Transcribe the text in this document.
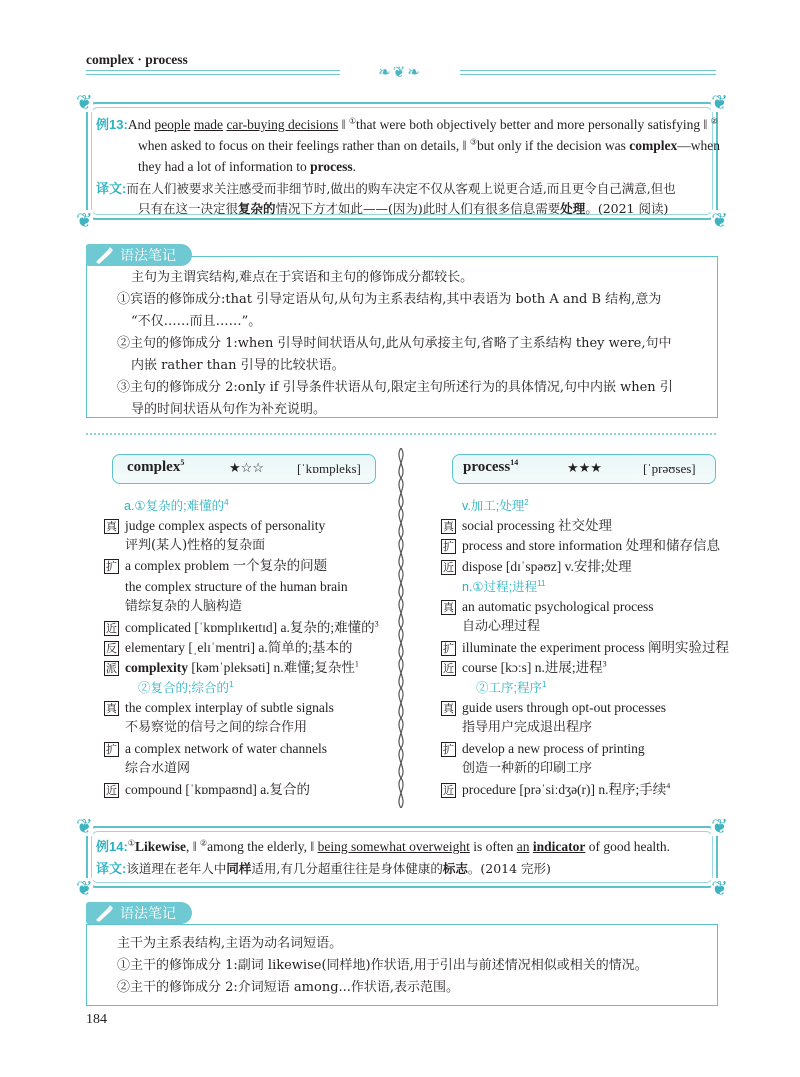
complex · process
❧❦❧
❦	❦
❦	❦
例13:And people made car-buying decisions ‖ ①that were both objectively better and more personally satisfying ‖ ②
when asked to focus on their feelings rather than on details, ‖ ③but only if the decision was complex—when
they had a lot of information to process.
译文:而在人们被要求关注感受而非细节时,做出的购车决定不仅从客观上说更合适,而且更令自己满意,但也
只有在这一决定很复杂的情况下方才如此——(因为)此时人们有很多信息需要处理。(2021 阅读)
主句为主谓宾结构,难点在于宾语和主句的修饰成分都较长。
①宾语的修饰成分:that 引导定语从句,从句为主系表结构,其中表语为 both A and B 结构,意为
“不仅……而且……”。
②主句的修饰成分 1:when 引导时间状语从句,此从句承接主句,省略了主系结构 they were,句中
内嵌 rather than 引导的比较状语。
③主句的修饰成分 2:only if 引导条件状语从句,限定主句所述行为的具体情况,句中内嵌 when 引
导的时间状语从句作为补充说明。
语法笔记
complex$^5$	★☆☆	[ˈkɒmpleks]
a.①复杂的;难懂的$^4$
真 judge complex aspects of personality
评判(某人)性格的复杂面
扩 a complex problem 一个复杂的问题
the complex structure of the human brain
错综复杂的人脑构造
近 complicated [ˈkɒmplɪkeɪtɪd] a.复杂的;难懂的$^3$
反 elementary [ˌelɪˈmentri] a.简单的;基本的
派 complexity [kəmˈpleksəti] n.难懂;复杂性$^1$
②复合的;综合的$^1$
真 the complex interplay of subtle signals
不易察觉的信号之间的综合作用
扩 a complex network of water channels
综合水道网
近 compound [ˈkɒmpaʊnd] a.复合的
process$^{14}$	★★★	[ˈprəʊses]
v.加工;处理$^2$
真 social processing 社交处理
扩 process and store information 处理和储存信息
近 dispose [dɪˈspəʊz] v.安排;处理
n.①过程;进程$^{11}$
真 an automatic psychological process
自动心理过程
扩 illuminate the experiment process 阐明实验过程
近 course [kɔːs] n.进展;进程$^3$
②工序;程序$^1$
真 guide users through opt-out processes
指导用户完成退出程序
扩 develop a new process of printing
创造一种新的印刷工序
近 procedure [prəˈsiːdʒə(r)] n.程序;手续$^4$
❦	❦
❦	❦
例14:①Likewise, ‖ ②among the elderly, ‖ being somewhat overweight is often an indicator of good health.
译文:该道理在老年人中同样适用,有几分超重往往是身体健康的标志。(2014 完形)
主干为主系表结构,主语为动名词短语。
①主干的修饰成分 1:副词 likewise(同样地)作状语,用于引出与前述情况相似或相关的情况。
②主干的修饰成分 2:介词短语 among...作状语,表示范围。
语法笔记
184
